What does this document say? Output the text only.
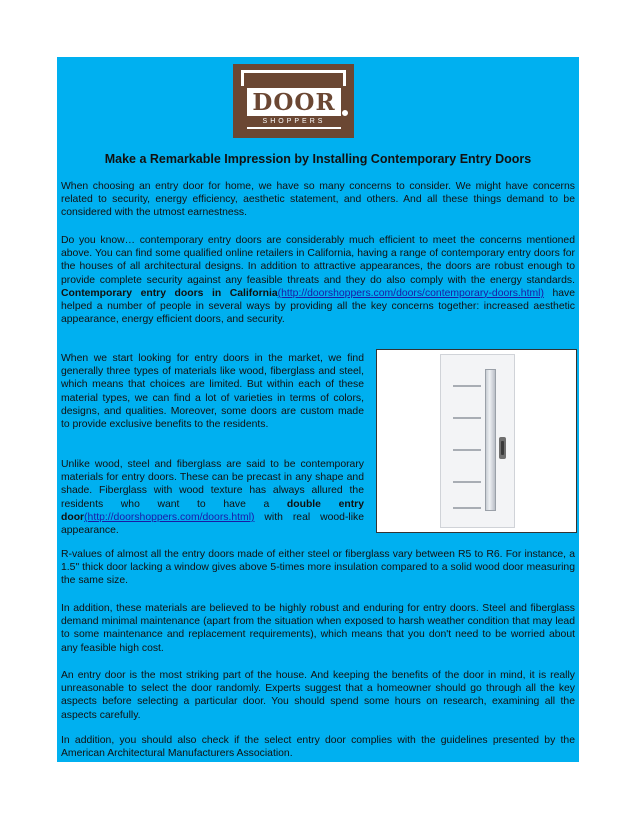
DOOR
SHOPPERS
Make a Remarkable Impression by Installing Contemporary Entry Doors

When choosing an entry door for home, we have so many concerns to consider. We might have concerns related to security, energy efficiency, aesthetic statement, and others. And all these things demand to be considered with the utmost earnestness.

Do you know… contemporary entry doors are considerably much efficient to meet the concerns mentioned above. You can find some qualified online retailers in California, having a range of contemporary entry doors for the houses of all architectural designs. In addition to attractive appearances, the doors are robust enough to provide complete security against any feasible threats and they do also comply with the energy standards. Contemporary entry doors in California(http://doorshoppers.com/doors/contemporary-doors.html) have helped a number of people in several ways by providing all the key concerns together: increased aesthetic appearance, energy efficient doors, and security.

When we start looking for entry doors in the market, we find generally three types of materials like wood, fiberglass and steel, which means that choices are limited. But within each of these material types, we can find a lot of varieties in terms of colors, designs, and qualities. Moreover, some doors are custom made to provide exclusive benefits to the residents.

Unlike wood, steel and fiberglass are said to be contemporary materials for entry doors. These can be precast in any shape and shade. Fiberglass with wood texture has always allured the residents who want to have a double entry door(http://doorshoppers.com/doors.html) with real wood-like appearance.

R-values of almost all the entry doors made of either steel or fiberglass vary between R5 to R6. For instance, a 1.5" thick door lacking a window gives above 5-times more insulation compared to a solid wood door measuring the same size.

In addition, these materials are believed to be highly robust and enduring for entry doors. Steel and fiberglass demand minimal maintenance (apart from the situation when exposed to harsh weather condition that may lead to some maintenance and replacement requirements), which means that you don't need to be worried about any feasible high cost.

An entry door is the most striking part of the house. And keeping the benefits of the door in mind, it is really unreasonable to select the door randomly. Experts suggest that a homeowner should go through all the key aspects before selecting a particular door. You should spend some hours on research, examining all the aspects carefully.

In addition, you should also check if the select entry door complies with the guidelines presented by the American Architectural Manufacturers Association.
